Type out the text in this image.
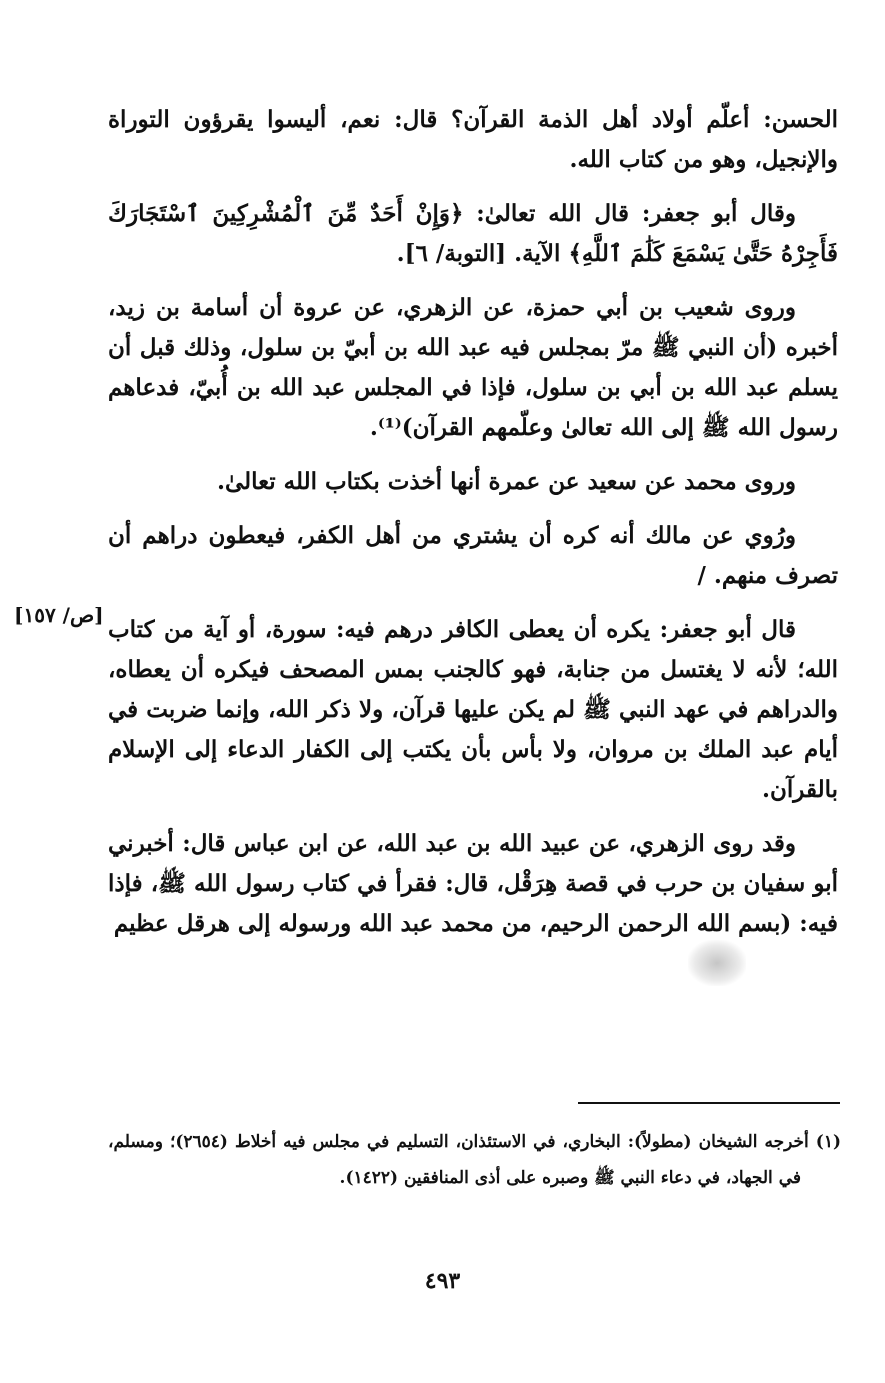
الحسن: أعلّم أولاد أهل الذمة القرآن؟ قال: نعم، أليسوا يقرؤون التوراة والإنجيل، وهو من كتاب الله.

وقال أبو جعفر: قال الله تعالىٰ: ﴿وَإِنْ أَحَدٌ مِّنَ ٱلْمُشْرِكِينَ ٱسْتَجَارَكَ فَأَجِرْهُ حَتَّىٰ يَسْمَعَ كَلَٰمَ ٱللَّهِ﴾ الآية. [التوبة/ ٦].

وروى شعيب بن أبي حمزة، عن الزهري، عن عروة أن أسامة بن زيد، أخبره (أن النبي ﷺ مرّ بمجلس فيه عبد الله بن أبيّ بن سلول، وذلك قبل أن يسلم عبد الله بن أبي بن سلول، فإذا في المجلس عبد الله بن أُبيّ، فدعاهم رسول الله ﷺ إلى الله تعالىٰ وعلّمهم القرآن)⁽¹⁾.

وروى محمد عن سعيد عن عمرة أنها أخذت بكتاب الله تعالىٰ.

ورُوي عن مالك أنه كره أن يشتري من أهل الكفر، فيعطون دراهم أن تصرف منهم. /

قال أبو جعفر: يكره أن يعطى الكافر درهم فيه: سورة، أو آية من كتاب الله؛ لأنه لا يغتسل من جنابة، فهو كالجنب بمس المصحف فيكره أن يعطاه، والدراهم في عهد النبي ﷺ لم يكن عليها قرآن، ولا ذكر الله، وإنما ضربت في أيام عبد الملك بن مروان، ولا بأس بأن يكتب إلى الكفار الدعاء إلى الإسلام بالقرآن.

وقد روى الزهري، عن عبيد الله بن عبد الله، عن ابن عباس قال: أخبرني أبو سفيان بن حرب في قصة هِرَقْل، قال: فقرأ في كتاب رسول الله ﷺ، فإذا فيه: (بسم الله الرحمن الرحيم، من محمد عبد الله ورسوله إلى هرقل عظيم

[ص/ ١٥٧]

(١) أخرجه الشيخان (مطولاً): البخاري، في الاستئذان، التسليم في مجلس فيه أخلاط (٢٦٥٤)؛ ومسلم، في الجهاد، في دعاء النبي ﷺ وصبره على أذى المنافقين (١٤٢٢).

٤٩٣
